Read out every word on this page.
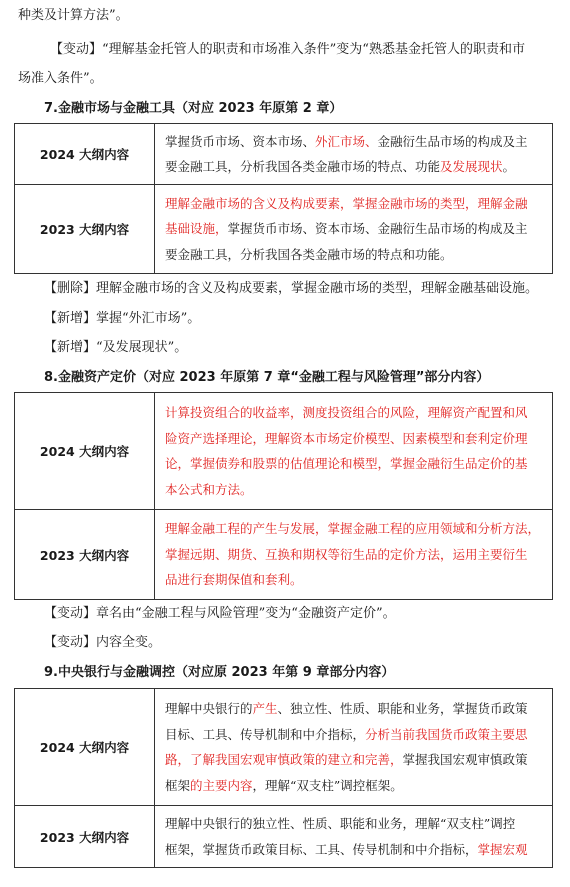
种类及计算方法”。
【变动】“理解基金托管人的职责和市场准入条件”变为“熟悉基金托管人的职责和市
场准入条件”。
7.金融市场与金融工具（对应 2023 年原第 2 章）
2024 大纲内容	掌握货币市场、资本市场、外汇市场、金融衍生品市场的构成及主
要金融工具，分析我国各类金融市场的特点、功能及发展现状。
2023 大纲内容	理解金融市场的含义及构成要素，掌握金融市场的类型，理解金融
基础设施，掌握货币市场、资本市场、金融衍生品市场的构成及主
要金融工具，分析我国各类金融市场的特点和功能。
【删除】理解金融市场的含义及构成要素，掌握金融市场的类型，理解金融基础设施。
【新增】掌握“外汇市场”。
【新增】“及发展现状”。
8.金融资产定价（对应 2023 年原第 7 章“金融工程与风险管理”部分内容）
2024 大纲内容	计算投资组合的收益率，测度投资组合的风险，理解资产配置和风
险资产选择理论，理解资本市场定价模型、因素模型和套利定价理
论，掌握债券和股票的估值理论和模型，掌握金融衍生品定价的基
本公式和方法。
2023 大纲内容	理解金融工程的产生与发展，掌握金融工程的应用领域和分析方法，
掌握远期、期货、互换和期权等衍生品的定价方法，运用主要衍生
品进行套期保值和套利。
【变动】章名由“金融工程与风险管理”变为“金融资产定价”。
【变动】内容全变。
9.中央银行与金融调控（对应原 2023 年第 9 章部分内容）
2024 大纲内容	理解中央银行的产生、独立性、性质、职能和业务，掌握货币政策
目标、工具、传导机制和中介指标，分析当前我国货币政策主要思
路，了解我国宏观审慎政策的建立和完善，掌握我国宏观审慎政策
框架的主要内容，理解“双支柱”调控框架。
2023 大纲内容	理解中央银行的独立性、性质、职能和业务，理解“双支柱”调控
框架，掌握货币政策目标、工具、传导机制和中介指标，掌握宏观
